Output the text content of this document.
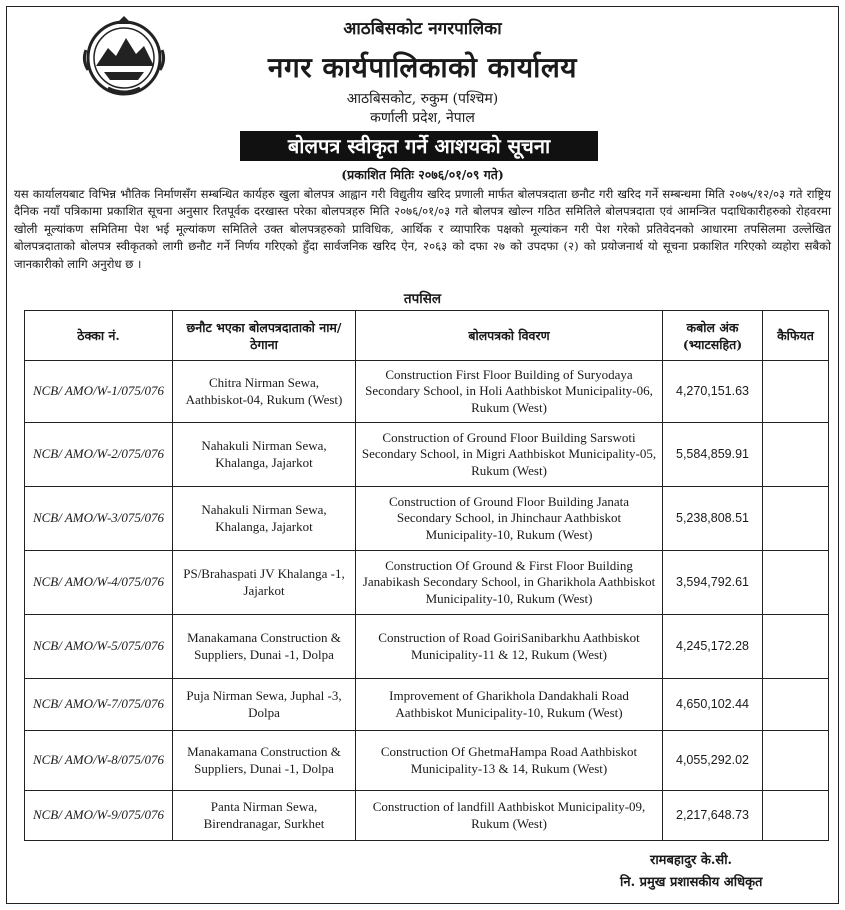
आठबिसकोट नगरपालिका
नगर कार्यपालिकाको कार्यालय
आठबिसकोट, रुकुम (पश्चिम)
कर्णाली प्रदेश, नेपाल
बोलपत्र स्वीकृत गर्ने आशयको सूचना
(प्रकाशित मितिः २०७६/०१/०९ गते)
यस कार्यालयबाट विभिन्न भौतिक निर्माणसँग सम्बन्धित कार्यहरु खुला बोलपत्र आह्वान गरी विद्युतीय खरिद प्रणाली मार्फत बोलपत्रदाता छनौट गरी खरिद गर्ने सम्बन्धमा मिति २०७५/१२/०३ गते राष्ट्रिय दैनिक नयाँ पत्रिकामा प्रकाशित सूचना अनुसार रितपूर्वक दरखास्त परेका बोलपत्रहरु मिति २०७६/०१/०३ गते बोलपत्र खोल्न गठित समितिले बोलपत्रदाता एवं आमन्त्रित पदाधिकारीहरुको रोहवरमा खोली मूल्यांकण समितिमा पेश भई मूल्यांकण समितिले उक्त बोलपत्रहरुको प्राविधिक, आर्थिक र व्यापारिक पक्षको मूल्यांकन गरी पेश गरेको प्रतिवेदनको आधारमा तपसिलमा उल्लेखित बोलपत्रदाताको बोलपत्र स्वीकृतको लागी छनौट गर्ने निर्णय गरिएको हुँदा सार्वजनिक खरिद ऐन, २०६३ को दफा २७ को उपदफा (२) को प्रयोजनार्थ यो सूचना प्रकाशित गरिएको व्यहोरा सबैको जानकारीको लागि अनुरोध छ ।
तपसिल
ठेक्का नं.	छनौट भएका बोलपत्रदाताको नाम/ठेगाना	बोलपत्रको विवरण	कबोल अंक (भ्याटसहित)	कैफियत
NCB/ AMO/W-1/075/076	Chitra Nirman Sewa, Aathbiskot-04, Rukum (West)	Construction First Floor Building of Suryodaya Secondary School, in Holi Aathbiskot Municipality-06, Rukum (West)	4,270,151.63	
NCB/ AMO/W-2/075/076	Nahakuli Nirman Sewa, Khalanga, Jajarkot	Construction of Ground Floor Building Sarswoti Secondary School, in Migri Aathbiskot Municipality-05, Rukum (West)	5,584,859.91	
NCB/ AMO/W-3/075/076	Nahakuli Nirman Sewa, Khalanga, Jajarkot	Construction of Ground Floor Building Janata Secondary School, in Jhinchaur Aathbiskot Municipality-10, Rukum (West)	5,238,808.51	
NCB/ AMO/W-4/075/076	PS/Brahaspati JV Khalanga -1, Jajarkot	Construction Of Ground & First Floor Building Janabikash Secondary School, in Gharikhola Aathbiskot Municipality-10, Rukum (West)	3,594,792.61	
NCB/ AMO/W-5/075/076	Manakamana Construction & Suppliers, Dunai -1, Dolpa	Construction of Road GoiriSanibarkhu Aathbiskot Municipality-11 & 12, Rukum (West)	4,245,172.28	
NCB/ AMO/W-7/075/076	Puja Nirman Sewa, Juphal -3, Dolpa	Improvement of Gharikhola Dandakhali Road Aathbiskot Municipality-10, Rukum (West)	4,650,102.44	
NCB/ AMO/W-8/075/076	Manakamana Construction & Suppliers, Dunai -1, Dolpa	Construction Of GhetmaHampa Road Aathbiskot Municipality-13 & 14, Rukum (West)	4,055,292.02	
NCB/ AMO/W-9/075/076	Panta Nirman Sewa, Birendranagar, Surkhet	Construction of landfill Aathbiskot Municipality-09, Rukum (West)	2,217,648.73	
रामबहादुर के.सी.
नि. प्रमुख प्रशासकीय अधिकृत
